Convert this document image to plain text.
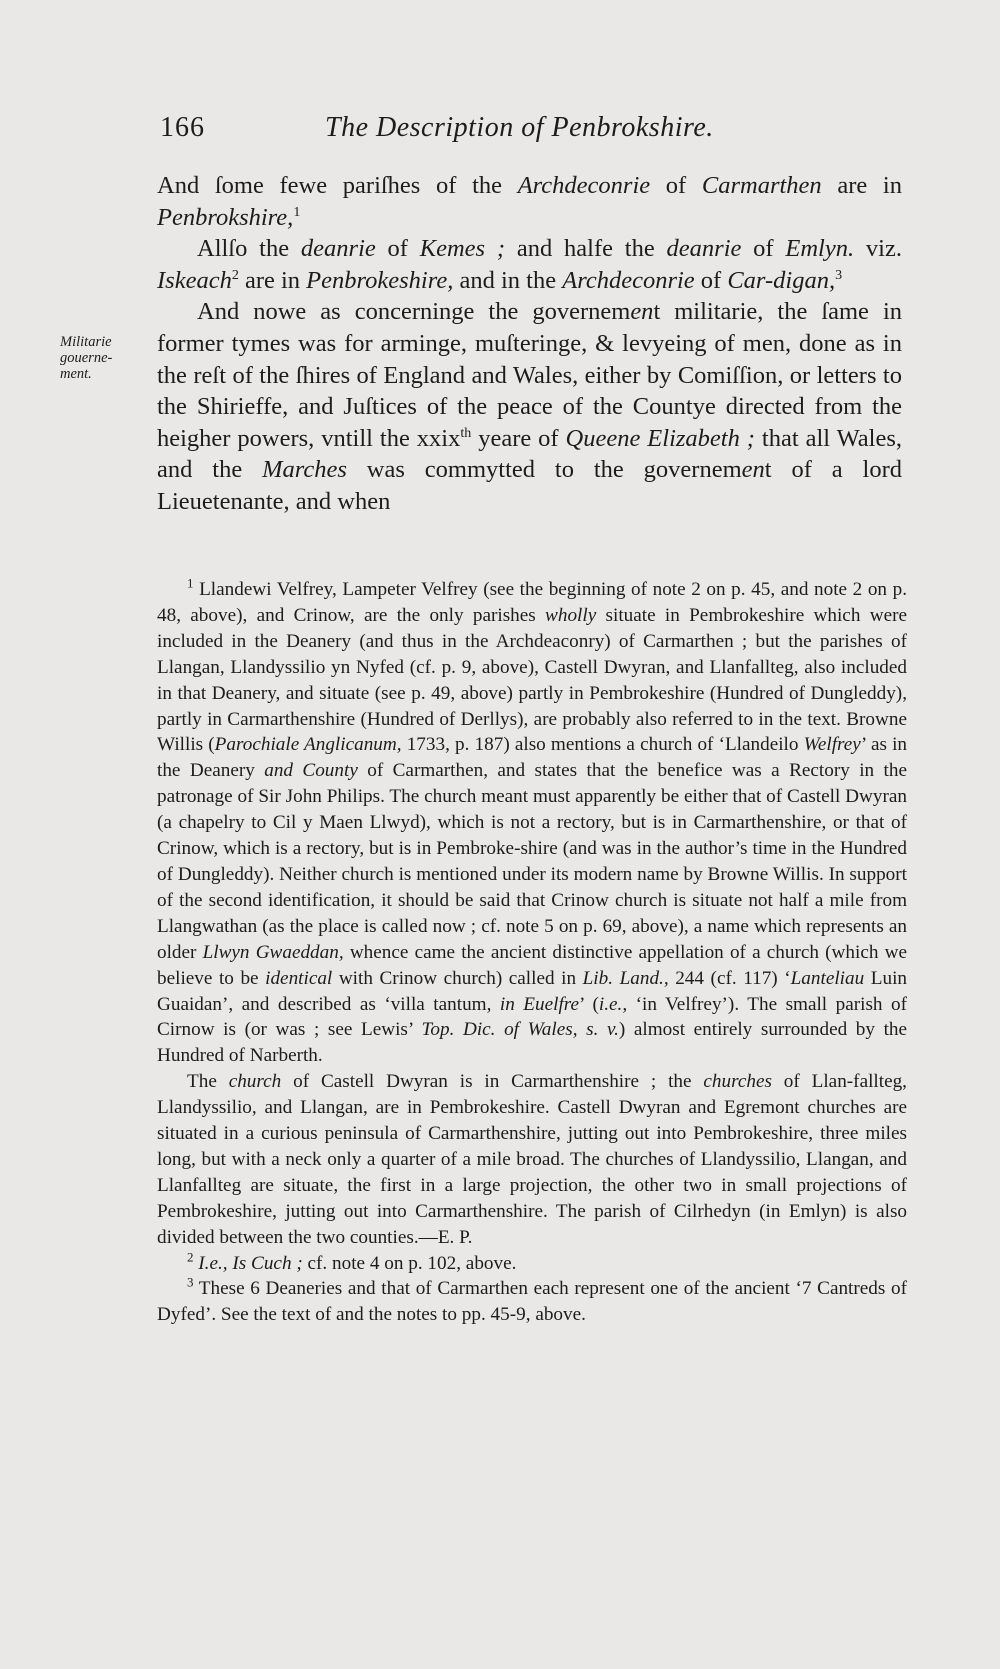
166	The Description of Penbrokshire.
Militarie
gouerne-
ment.

And ſome fewe pariſhes of the Archdeconrie of Carmarthen are in Penbrokshire,$^1$

Allſo the deanrie of Kemes ; and halfe the deanrie of Emlyn. viz. Iskeach$^2$ are in Penbrokeshire, and in the Archdeconrie of Car-digan,$^3$

And nowe as concerninge the governement militarie, the ſame in former tymes was for arminge, muſteringe, & levyeing of men, done as in the reſt of the ſhires of England and Wales, either by Comiſſion, or letters to the Shirieffe, and Juſtices of the peace of the Countye directed from the heigher powers, vntill the xxix$^{th}$ yeare of Queene Elizabeth ; that all Wales, and the Marches was commytted to the governement of a lord Lieuetenante, and when

$^1$ Llandewi Velfrey, Lampeter Velfrey (see the beginning of note 2 on p. 45, and note 2 on p. 48, above), and Crinow, are the only parishes wholly situate in Pembrokeshire which were included in the Deanery (and thus in the Archdeaconry) of Carmarthen ; but the parishes of Llangan, Llandyssilio yn Nyfed (cf. p. 9, above), Castell Dwyran, and Llanfallteg, also included in that Deanery, and situate (see p. 49, above) partly in Pembrokeshire (Hundred of Dungleddy), partly in Carmarthenshire (Hundred of Derllys), are probably also referred to in the text. Browne Willis (Parochiale Anglicanum, 1733, p. 187) also mentions a church of ‘Llandeilo Welfrey’ as in the Deanery and County of Carmarthen, and states that the benefice was a Rectory in the patronage of Sir John Philips. The church meant must apparently be either that of Castell Dwyran (a chapelry to Cil y Maen Llwyd), which is not a rectory, but is in Carmarthenshire, or that of Crinow, which is a rectory, but is in Pembroke-shire (and was in the author’s time in the Hundred of Dungleddy). Neither church is mentioned under its modern name by Browne Willis. In support of the second identification, it should be said that Crinow church is situate not half a mile from Llangwathan (as the place is called now ; cf. note 5 on p. 69, above), a name which represents an older Llwyn Gwaeddan, whence came the ancient distinctive appellation of a church (which we believe to be identical with Crinow church) called in Lib. Land., 244 (cf. 117) ‘Lanteliau Luin Guaidan’, and described as ‘villa tantum, in Euelfre’ (i.e., ‘in Velfrey’). The small parish of Cirnow is (or was ; see Lewis’ Top. Dic. of Wales, s. v.) almost entirely surrounded by the Hundred of Narberth.

The church of Castell Dwyran is in Carmarthenshire ; the churches of Llan-fallteg, Llandyssilio, and Llangan, are in Pembrokeshire. Castell Dwyran and Egremont churches are situated in a curious peninsula of Carmarthenshire, jutting out into Pembrokeshire, three miles long, but with a neck only a quarter of a mile broad. The churches of Llandyssilio, Llangan, and Llanfallteg are situate, the first in a large projection, the other two in small projections of Pembrokeshire, jutting out into Carmarthenshire. The parish of Cilrhedyn (in Emlyn) is also divided between the two counties.—E. P.

$^2$ I.e., Is Cuch ; cf. note 4 on p. 102, above.

$^3$ These 6 Deaneries and that of Carmarthen each represent one of the ancient ‘7 Cantreds of Dyfed’. See the text of and the notes to pp. 45-9, above.
